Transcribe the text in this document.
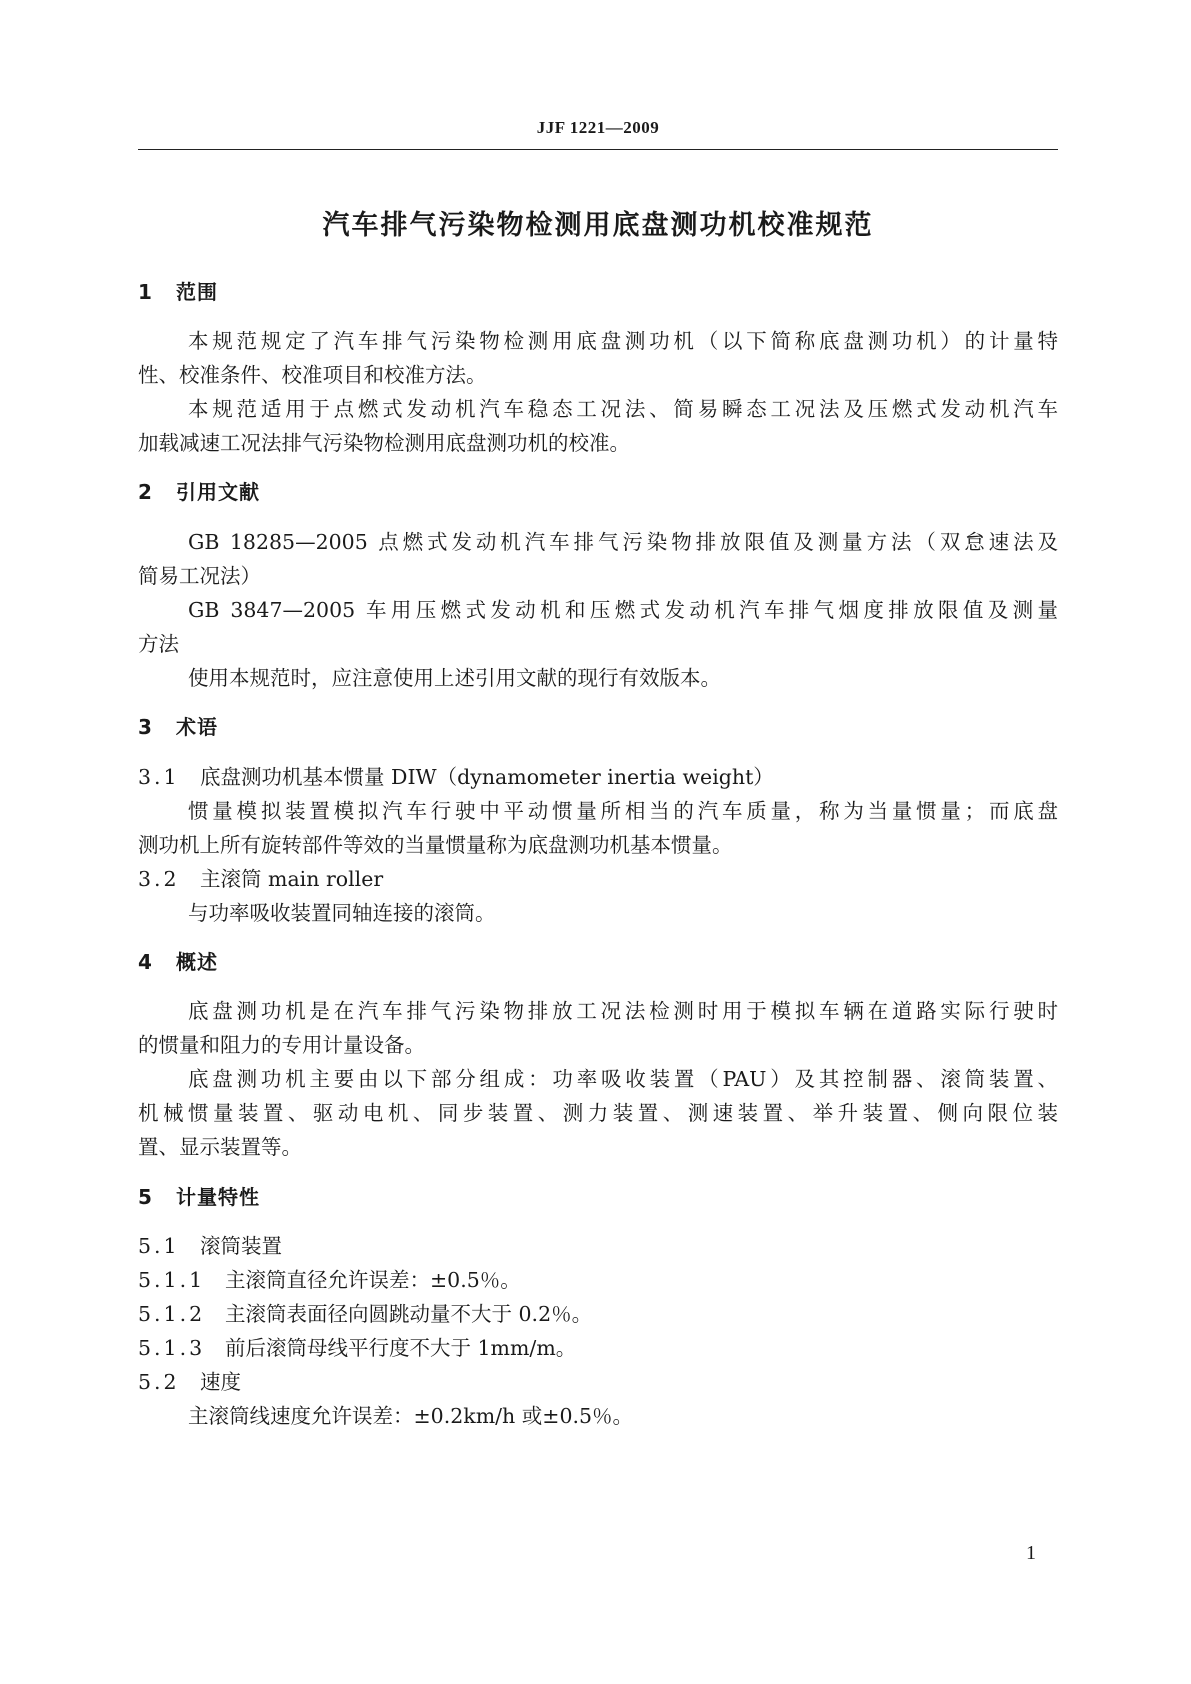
JJF 1221—2009
汽车排气污染物检测用底盘测功机校准规范
1 范围
本规范规定了汽车排气污染物检测用底盘测功机（以下简称底盘测功机）的计量特
性、校准条件、校准项目和校准方法。
本规范适用于点燃式发动机汽车稳态工况法、简易瞬态工况法及压燃式发动机汽车
加载减速工况法排气污染物检测用底盘测功机的校准。
2 引用文献
GB 18285—2005 点燃式发动机汽车排气污染物排放限值及测量方法（双怠速法及
简易工况法）
GB 3847—2005 车用压燃式发动机和压燃式发动机汽车排气烟度排放限值及测量
方法
使用本规范时，应注意使用上述引用文献的现行有效版本。
3 术语
3.1 底盘测功机基本惯量 DIW（dynamometer inertia weight）
惯量模拟装置模拟汽车行驶中平动惯量所相当的汽车质量，称为当量惯量；而底盘
测功机上所有旋转部件等效的当量惯量称为底盘测功机基本惯量。
3.2 主滚筒 main roller
与功率吸收装置同轴连接的滚筒。
4 概述
底盘测功机是在汽车排气污染物排放工况法检测时用于模拟车辆在道路实际行驶时
的惯量和阻力的专用计量设备。
底盘测功机主要由以下部分组成：功率吸收装置（PAU）及其控制器、滚筒装置、
机械惯量装置、驱动电机、同步装置、测力装置、测速装置、举升装置、侧向限位装
置、显示装置等。
5 计量特性
5.1 滚筒装置
5.1.1 主滚筒直径允许误差：±0.5％。
5.1.2 主滚筒表面径向圆跳动量不大于 0.2％。
5.1.3 前后滚筒母线平行度不大于 1mm/m。
5.2 速度
主滚筒线速度允许误差：±0.2km/h 或±0.5％。
1
